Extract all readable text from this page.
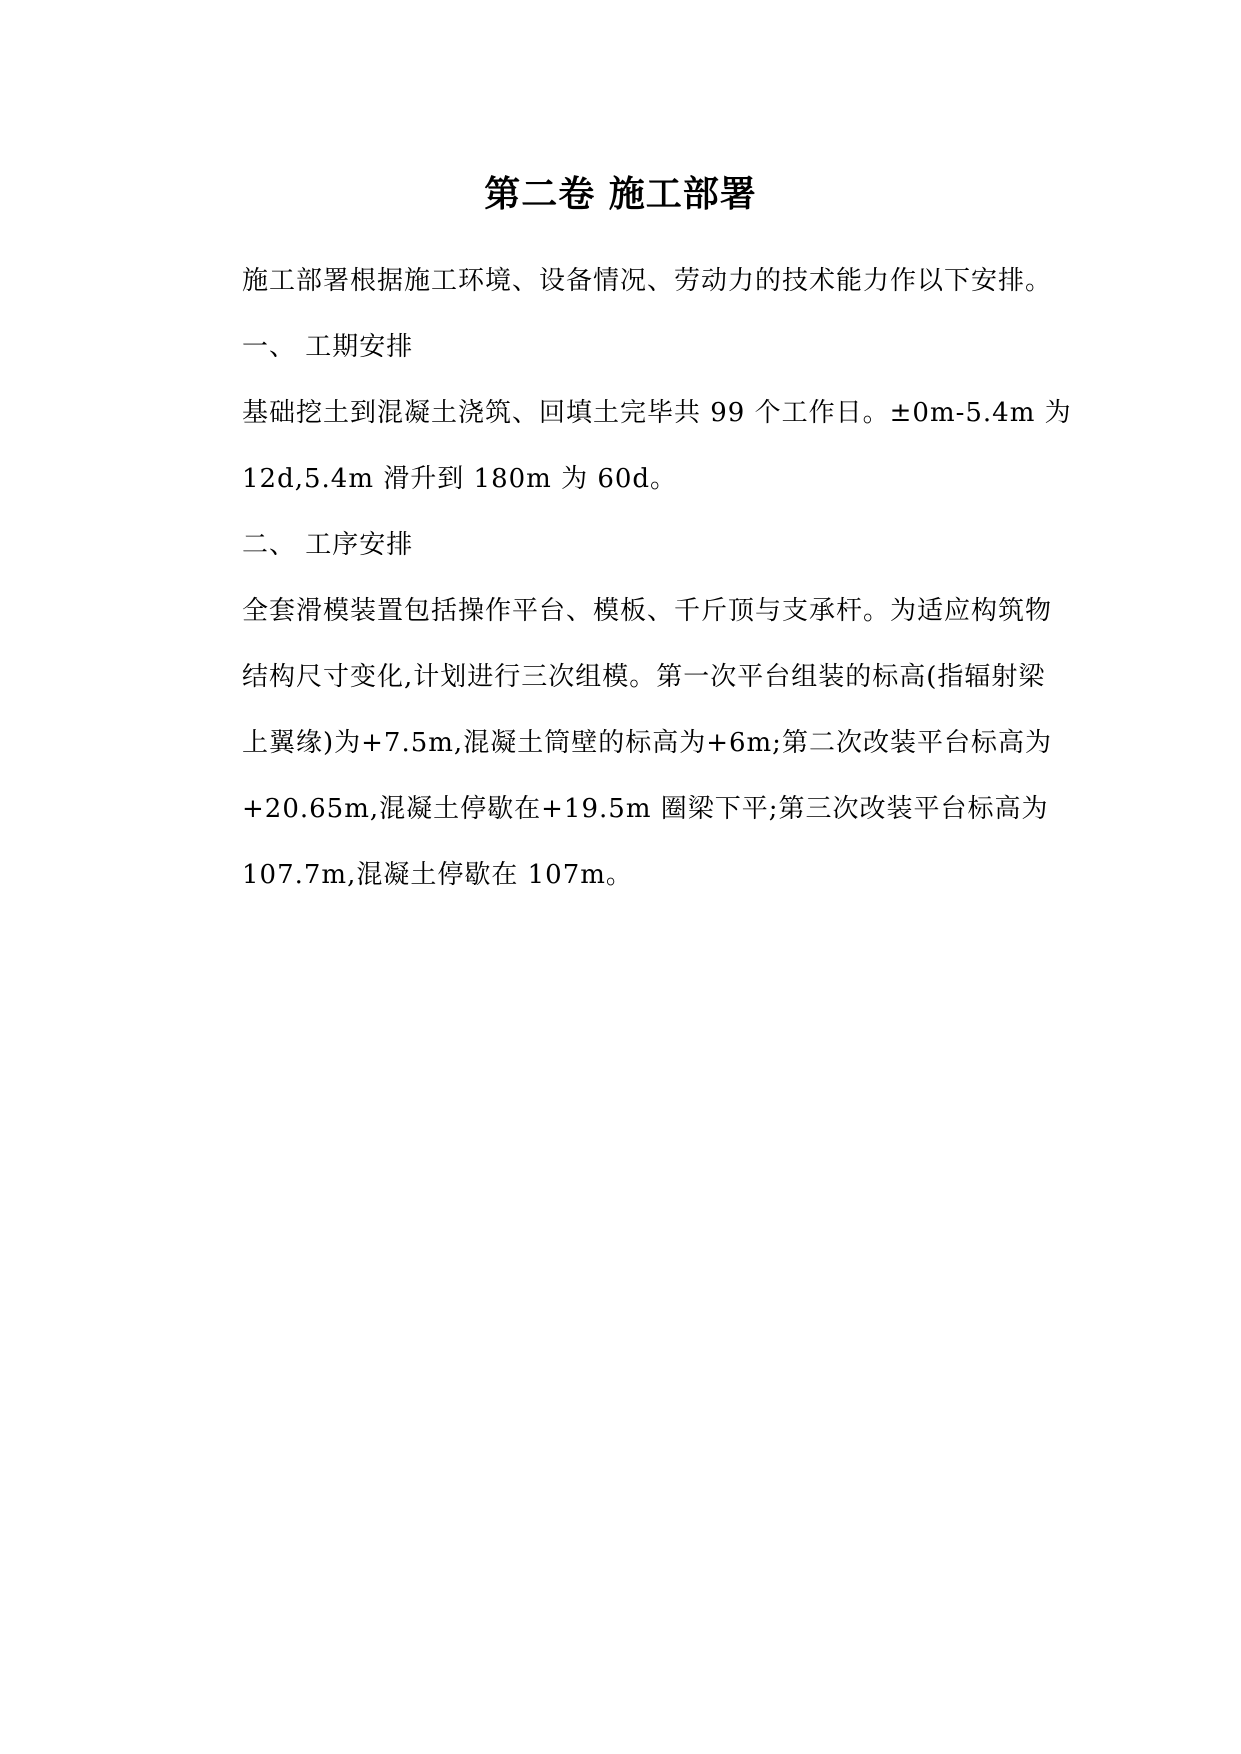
第二卷 施工部署
施工部署根据施工环境、设备情况、劳动力的技术能力作以下安排。
一、 工期安排
基础挖土到混凝土浇筑、回填土完毕共 99 个工作日。±0m-5.4m 为
12d,5.4m 滑升到 180m 为 60d。
二、 工序安排
全套滑模装置包括操作平台、模板、千斤顶与支承杆。为适应构筑物
结构尺寸变化,计划进行三次组模。第一次平台组装的标高(指辐射梁
上翼缘)为+7.5m,混凝土筒壁的标高为+6m;第二次改装平台标高为
+20.65m,混凝土停歇在+19.5m 圈梁下平;第三次改装平台标高为
107.7m,混凝土停歇在 107m。
